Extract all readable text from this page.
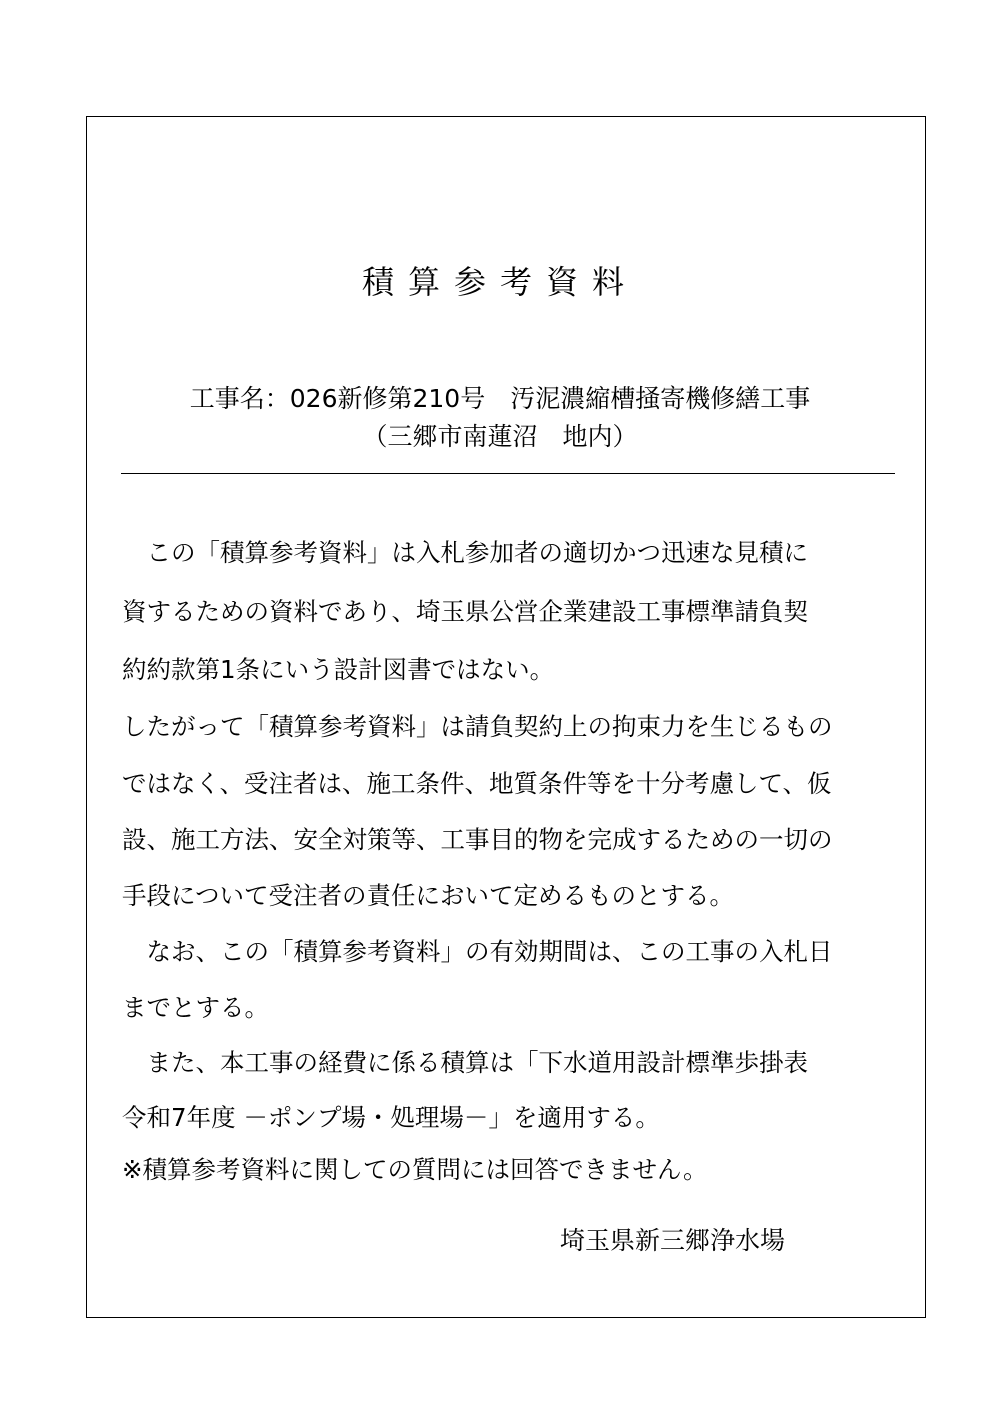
積算参考資料
工事名：026新修第210号　汚泥濃縮槽掻寄機修繕工事
（三郷市南蓮沼　地内）
　この「積算参考資料」は入札参加者の適切かつ迅速な見積に
資するための資料であり、埼玉県公営企業建設工事標準請負契
約約款第1条にいう設計図書ではない。
したがって「積算参考資料」は請負契約上の拘束力を生じるもの
ではなく、受注者は、施工条件、地質条件等を十分考慮して、仮
設、施工方法、安全対策等、工事目的物を完成するための一切の
手段について受注者の責任において定めるものとする。
　なお、この「積算参考資料」の有効期間は、この工事の入札日
までとする。
　また、本工事の経費に係る積算は「下水道用設計標準歩掛表
令和7年度 －ポンプ場・処理場－」を適用する。
※積算参考資料に関しての質問には回答できません。
埼玉県新三郷浄水場
